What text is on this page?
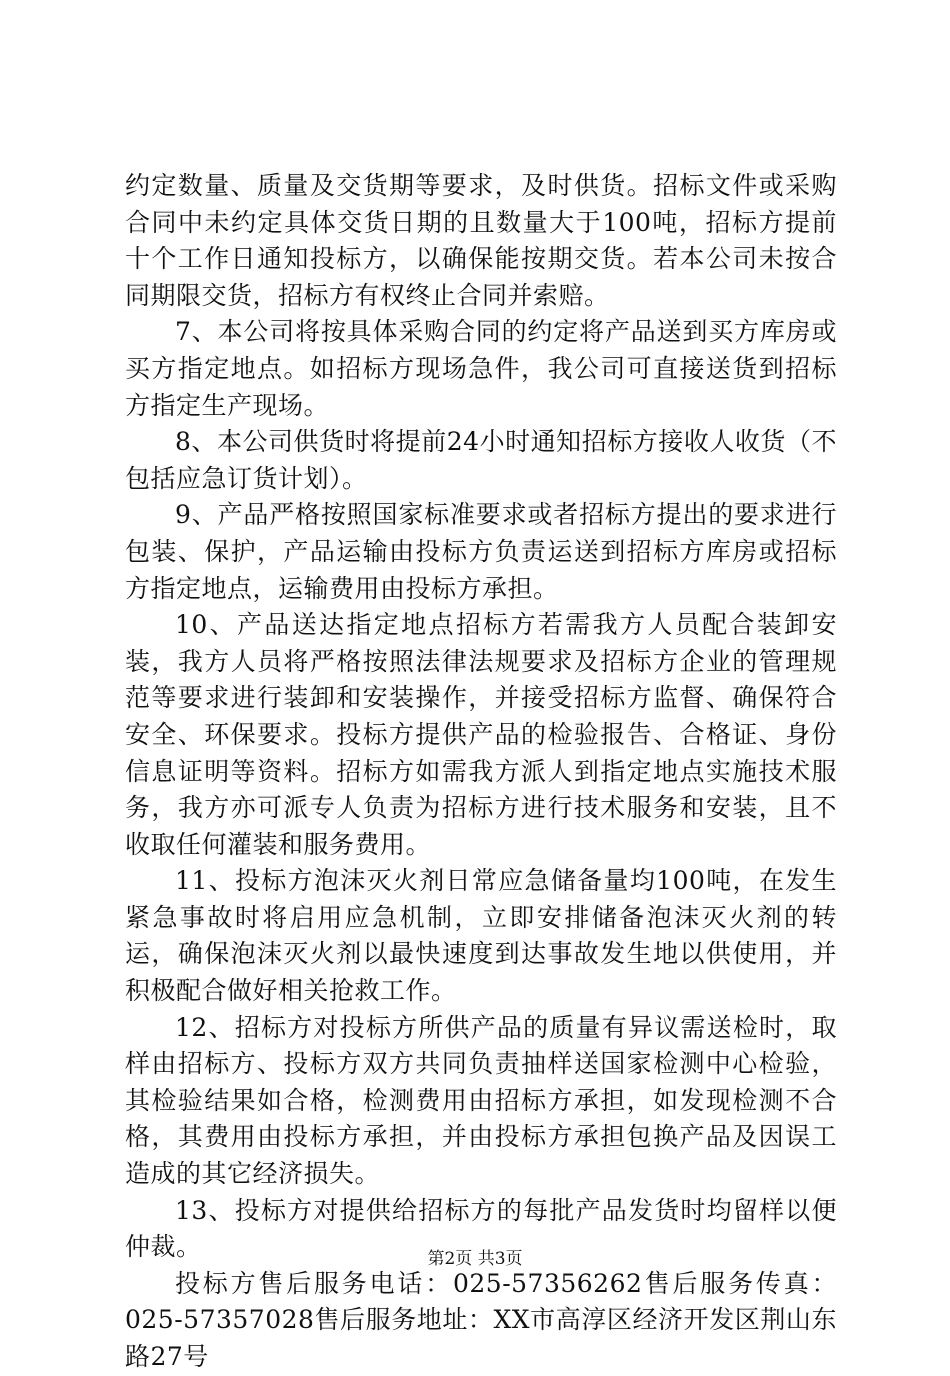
约定数量、质量及交货期等要求，及时供货。招标文件或采购合同中未约定具体交货日期的且数量大于100吨，招标方提前十个工作日通知投标方，以确保能按期交货。若本公司未按合同期限交货，招标方有权终止合同并索赔。

7、本公司将按具体采购合同的约定将产品送到买方库房或买方指定地点。如招标方现场急件，我公司可直接送货到招标方指定生产现场。

8、本公司供货时将提前24小时通知招标方接收人收货（不包括应急订货计划）。

9、产品严格按照国家标准要求或者招标方提出的要求进行包装、保护，产品运输由投标方负责运送到招标方库房或招标方指定地点，运输费用由投标方承担。

10、产品送达指定地点招标方若需我方人员配合装卸安装，我方人员将严格按照法律法规要求及招标方企业的管理规范等要求进行装卸和安装操作，并接受招标方监督、确保符合安全、环保要求。投标方提供产品的检验报告、合格证、身份信息证明等资料。招标方如需我方派人到指定地点实施技术服务，我方亦可派专人负责为招标方进行技术服务和安装，且不收取任何灌装和服务费用。

11、投标方泡沫灭火剂日常应急储备量均100吨，在发生紧急事故时将启用应急机制，立即安排储备泡沫灭火剂的转运，确保泡沫灭火剂以最快速度到达事故发生地以供使用，并积极配合做好相关抢救工作。

12、招标方对投标方所供产品的质量有异议需送检时，取样由招标方、投标方双方共同负责抽样送国家检测中心检验，其检验结果如合格，检测费用由招标方承担，如发现检测不合格，其费用由投标方承担，并由投标方承担包换产品及因误工造成的其它经济损失。

13、投标方对提供给招标方的每批产品发货时均留样以便仲裁。

投标方售后服务电话：025-57356262售后服务传真：025-57357028售后服务地址：XX市高淳区经济开发区荆山东路27号

第2页 共3页
